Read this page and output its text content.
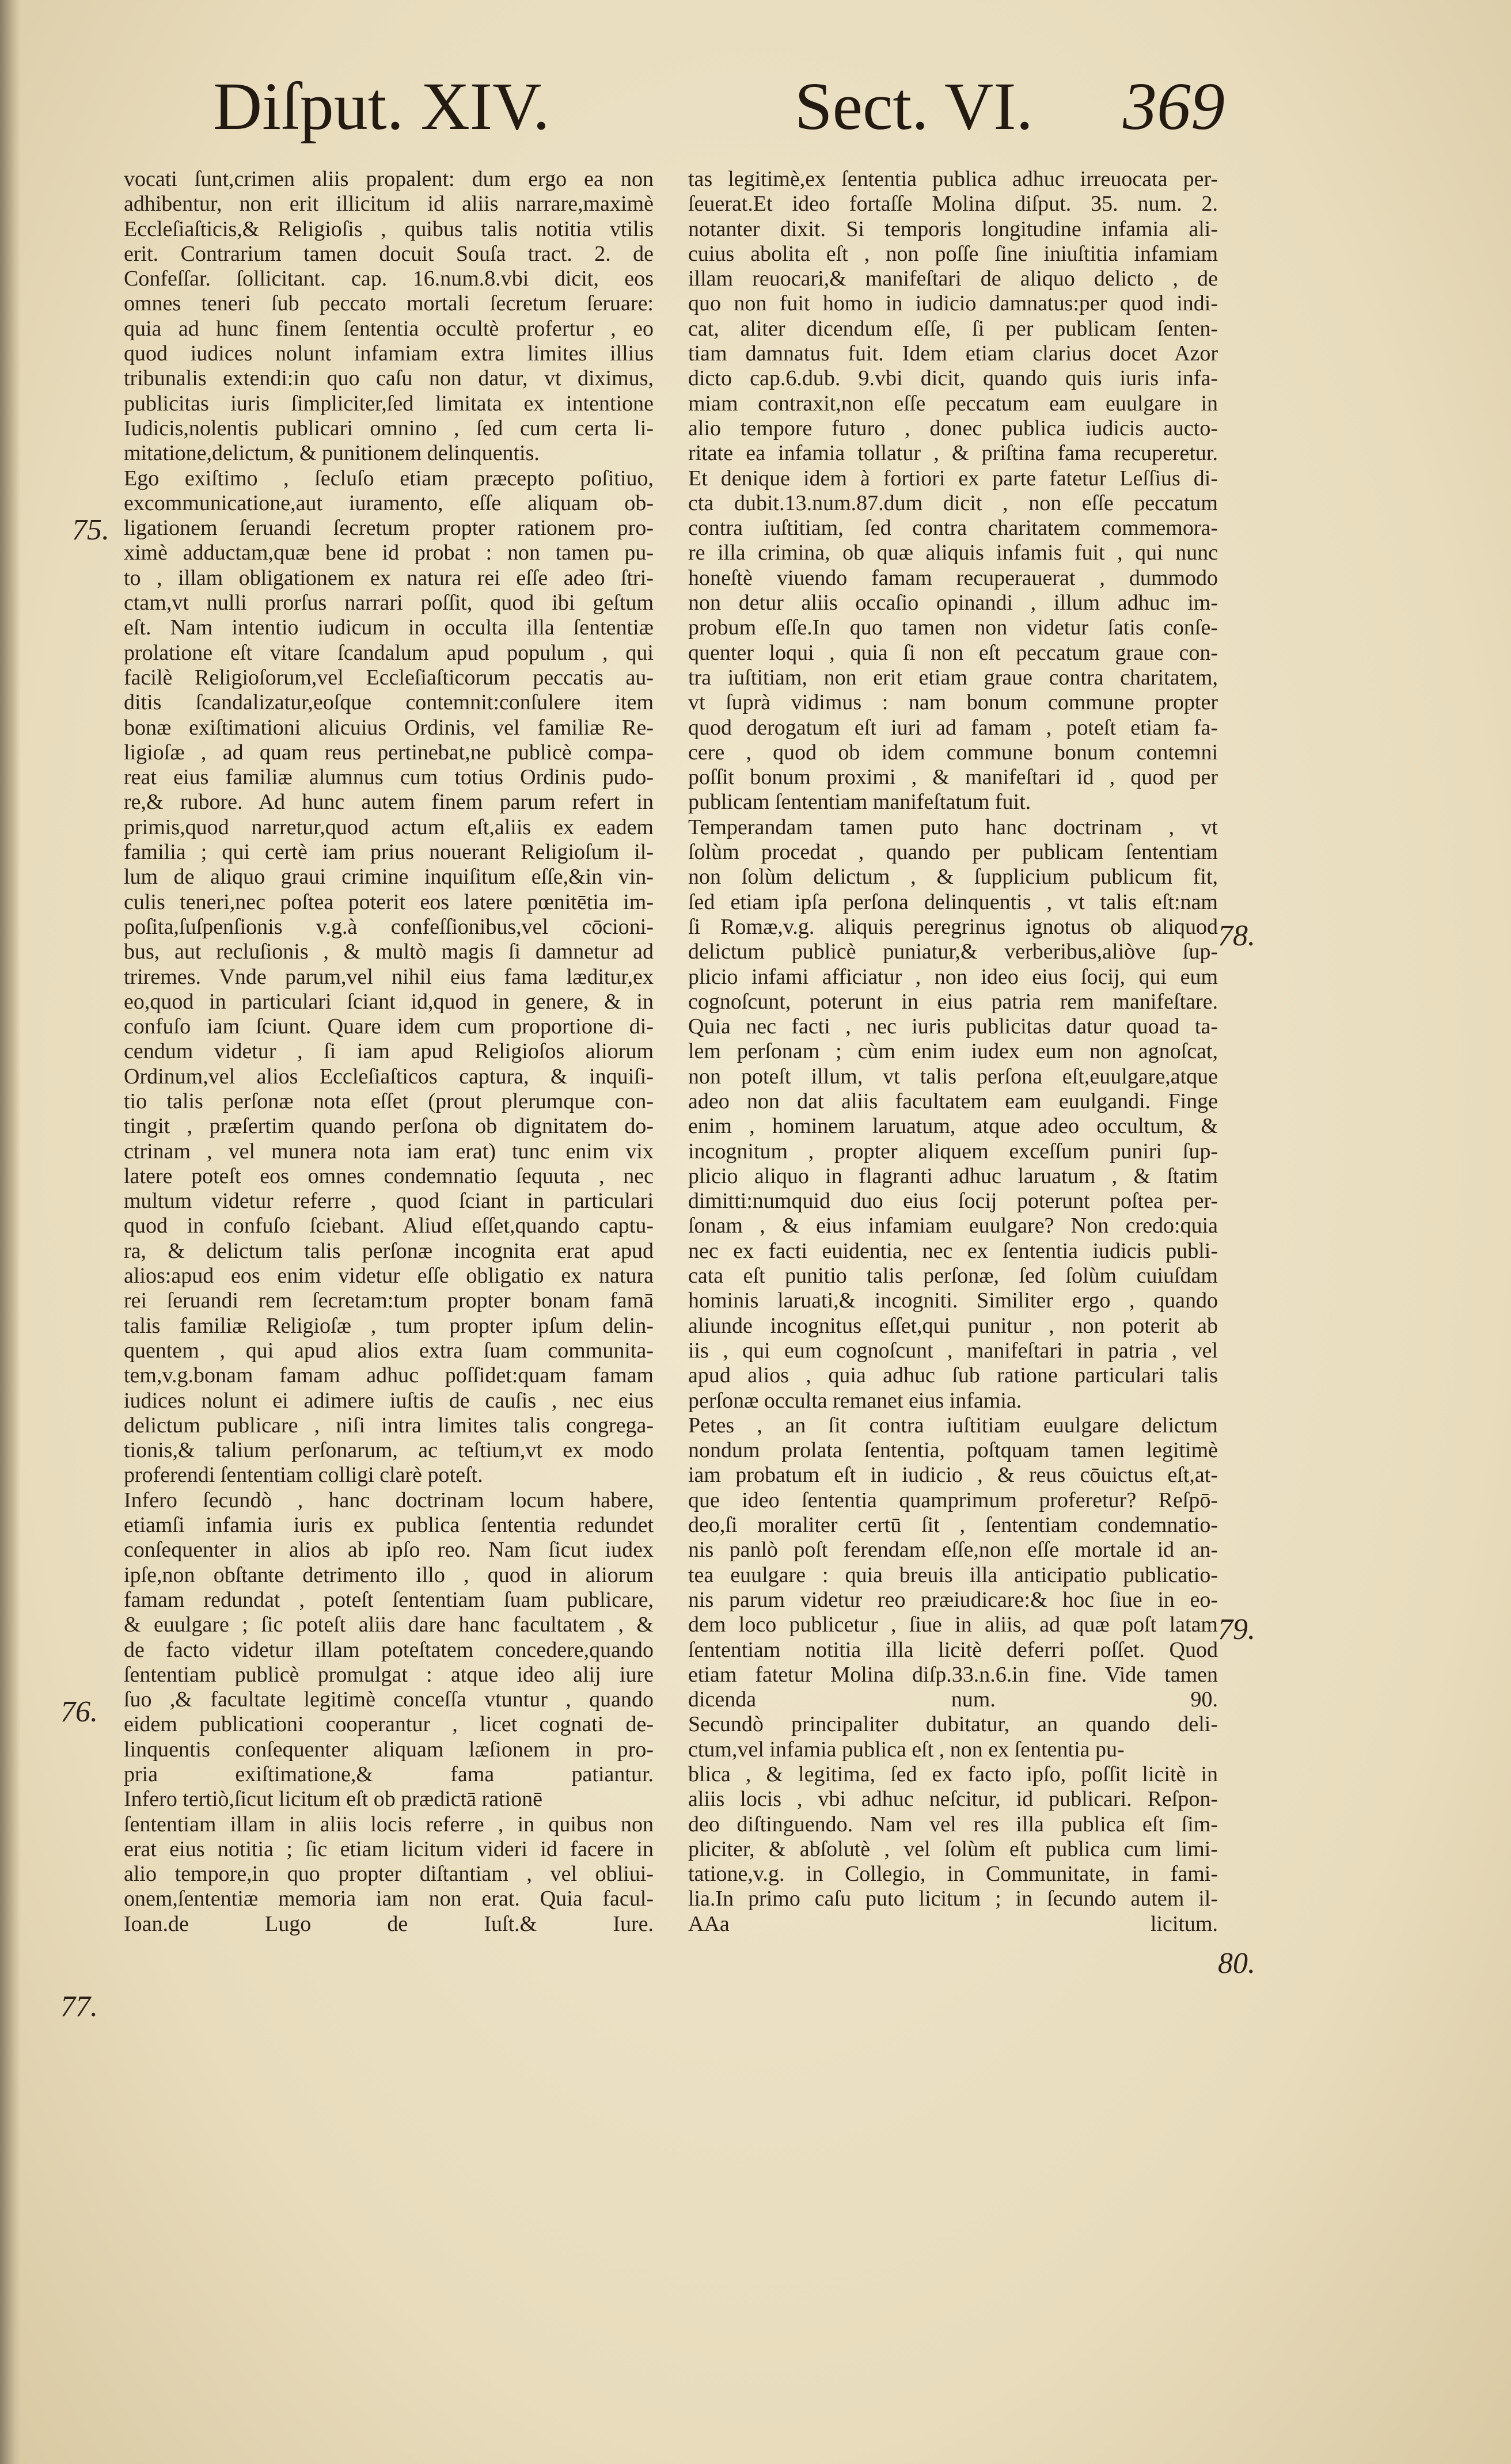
Diſput. XIV.	Sect. VI. 369
vocati ſunt,crimen aliis propalent: dum ergo ea non
adhibentur, non erit illicitum id aliis narrare,maximè
Eccleſiaſticis,& Religioſis , quibus talis notitia vtilis
erit. Contrarium tamen docuit Souſa tract. 2. de
Confeſſar. ſollicitant. cap. 16.num.8.vbi dicit, eos
omnes teneri ſub peccato mortali ſecretum ſeruare:
quia ad hunc finem ſententia occultè profertur , eo
quod iudices nolunt infamiam extra limites illius
tribunalis extendi:in quo caſu non datur, vt diximus,
publicitas iuris ſimpliciter,ſed limitata ex intentione
Iudicis,nolentis publicari omnino , ſed cum certa li-
mitatione,delictum, & punitionem delinquentis.
Ego exiſtimo , ſecluſo etiam præcepto poſitiuo,
excommunicatione,aut iuramento, eſſe aliquam ob-
ligationem ſeruandi ſecretum propter rationem pro-
ximè adductam,quæ bene id probat : non tamen pu-
to , illam obligationem ex natura rei eſſe adeo ſtri-
ctam,vt nulli prorſus narrari poſſit, quod ibi geſtum
eſt. Nam intentio iudicum in occulta illa ſententiæ
prolatione eſt vitare ſcandalum apud populum , qui
facilè Religioſorum,vel Eccleſiaſticorum peccatis au-
ditis ſcandalizatur,eoſque contemnit:conſulere item
bonæ exiſtimationi alicuius Ordinis, vel familiæ Re-
ligioſæ , ad quam reus pertinebat,ne publicè compa-
reat eius familiæ alumnus cum totius Ordinis pudo-
re,& rubore. Ad hunc autem finem parum refert in
primis,quod narretur,quod actum eſt,aliis ex eadem
familia ; qui certè iam prius nouerant Religioſum il-
lum de aliquo graui crimine inquiſitum eſſe,&in vin-
culis teneri,nec poſtea poterit eos latere pœnitētia im-
poſita,ſuſpenſionis v.g.à confeſſionibus,vel cōcioni-
bus, aut recluſionis , & multò magis ſi damnetur ad
triremes. Vnde parum,vel nihil eius fama læditur,ex
eo,quod in particulari ſciant id,quod in genere, & in
confuſo iam ſciunt. Quare idem cum proportione di-
cendum videtur , ſi iam apud Religioſos aliorum
Ordinum,vel alios Eccleſiaſticos captura, & inquiſi-
tio talis perſonæ nota eſſet (prout plerumque con-
tingit , præſertim quando perſona ob dignitatem do-
ctrinam , vel munera nota iam erat) tunc enim vix
latere poteſt eos omnes condemnatio ſequuta , nec
multum videtur referre , quod ſciant in particulari
quod in confuſo ſciebant. Aliud eſſet,quando captu-
ra, & delictum talis perſonæ incognita erat apud
alios:apud eos enim videtur eſſe obligatio ex natura
rei ſeruandi rem ſecretam:tum propter bonam famā
talis familiæ Religioſæ , tum propter ipſum delin-
quentem , qui apud alios extra ſuam communita-
tem,v.g.bonam famam adhuc poſſidet:quam famam
iudices nolunt ei adimere iuſtis de cauſis , nec eius
delictum publicare , niſi intra limites talis congrega-
tionis,& talium perſonarum, ac teſtium,vt ex modo
proferendi ſententiam colligi clarè poteſt.
Infero ſecundò , hanc doctrinam locum habere,
etiamſi infamia iuris ex publica ſententia redundet
conſequenter in alios ab ipſo reo. Nam ſicut iudex
ipſe,non obſtante detrimento illo , quod in aliorum
famam redundat , poteſt ſententiam ſuam publicare,
& euulgare ; ſic poteſt aliis dare hanc facultatem , &
de facto videtur illam poteſtatem concedere,quando
ſententiam publicè promulgat : atque ideo alij iure
ſuo ,& facultate legitimè conceſſa vtuntur , quando
eidem publicationi cooperantur , licet cognati de-
linquentis conſequenter aliquam læſionem in pro-
pria exiſtimatione,& fama patiantur.
Infero tertiò,ſicut licitum eſt ob prædictā rationē
ſententiam illam in aliis locis referre , in quibus non
erat eius notitia ; ſic etiam licitum videri id facere in
alio tempore,in quo propter diſtantiam , vel obliui-
onem,ſententiæ memoria iam non erat. Quia facul-
Ioan.de Lugo de Iuſt.& Iure.
tas legitimè,ex ſententia publica adhuc irreuocata per-
ſeuerat.Et ideo fortaſſe Molina diſput. 35. num. 2.
notanter dixit. Si temporis longitudine infamia ali-
cuius abolita eſt , non poſſe ſine iniuſtitia infamiam
illam reuocari,& manifeſtari de aliquo delicto , de
quo non fuit homo in iudicio damnatus:per quod indi-
cat, aliter dicendum eſſe, ſi per publicam ſenten-
tiam damnatus fuit. Idem etiam clarius docet Azor
dicto cap.6.dub. 9.vbi dicit, quando quis iuris infa-
miam contraxit,non eſſe peccatum eam euulgare in
alio tempore futuro , donec publica iudicis aucto-
ritate ea infamia tollatur , & priſtina fama recuperetur.
Et denique idem à fortiori ex parte fatetur Leſſius di-
cta dubit.13.num.87.dum dicit , non eſſe peccatum
contra iuſtitiam, ſed contra charitatem commemora-
re illa crimina, ob quæ aliquis infamis fuit , qui nunc
honeſtè viuendo famam recuperauerat , dummodo
non detur aliis occaſio opinandi , illum adhuc im-
probum eſſe.In quo tamen non videtur ſatis conſe-
quenter loqui , quia ſi non eſt peccatum graue con-
tra iuſtitiam, non erit etiam graue contra charitatem,
vt ſuprà vidimus : nam bonum commune propter
quod derogatum eſt iuri ad famam , poteſt etiam fa-
cere , quod ob idem commune bonum contemni
poſſit bonum proximi , & manifeſtari id , quod per
publicam ſententiam manifeſtatum fuit.
Temperandam tamen puto hanc doctrinam , vt
ſolùm procedat , quando per publicam ſententiam
non ſolùm delictum , & ſupplicium publicum fit,
ſed etiam ipſa perſona delinquentis , vt talis eſt:nam
ſi Romæ,v.g. aliquis peregrinus ignotus ob aliquod
delictum publicè puniatur,& verberibus,aliòve ſup-
plicio infami afficiatur , non ideo eius ſocij, qui eum
cognoſcunt, poterunt in eius patria rem manifeſtare.
Quia nec facti , nec iuris publicitas datur quoad ta-
lem perſonam ; cùm enim iudex eum non agnoſcat,
non poteſt illum, vt talis perſona eſt,euulgare,atque
adeo non dat aliis facultatem eam euulgandi. Finge
enim , hominem laruatum, atque adeo occultum, &
incognitum , propter aliquem exceſſum puniri ſup-
plicio aliquo in flagranti adhuc laruatum , & ſtatim
dimitti:numquid duo eius ſocij poterunt poſtea per-
ſonam , & eius infamiam euulgare? Non credo:quia
nec ex facti euidentia, nec ex ſententia iudicis publi-
cata eſt punitio talis perſonæ, ſed ſolùm cuiuſdam
hominis laruati,& incogniti. Similiter ergo , quando
aliunde incognitus eſſet,qui punitur , non poterit ab
iis , qui eum cognoſcunt , manifeſtari in patria , vel
apud alios , quia adhuc ſub ratione particulari talis
perſonæ occulta remanet eius infamia.
Petes , an ſit contra iuſtitiam euulgare delictum
nondum prolata ſententia, poſtquam tamen legitimè
iam probatum eſt in iudicio , & reus cōuictus eſt,at-
que ideo ſententia quamprimum proferetur? Reſpō-
deo,ſi moraliter certū ſit , ſententiam condemnatio-
nis panlò poſt ferendam eſſe,non eſſe mortale id an-
tea euulgare : quia breuis illa anticipatio publicatio-
nis parum videtur reo præiudicare:& hoc ſiue in eo-
dem loco publicetur , ſiue in aliis, ad quæ poſt latam
ſententiam notitia illa licitè deferri poſſet. Quod
etiam fatetur Molina diſp.33.n.6.in fine. Vide tamen
dicenda num. 90.
Secundò principaliter dubitatur, an quando deli-
ctum,vel infamia publica eſt , non ex ſententia pu-
blica , & legitima, ſed ex facto ipſo, poſſit licitè in
aliis locis , vbi adhuc neſcitur, id publicari. Reſpon-
deo diſtinguendo. Nam vel res illa publica eſt ſim-
pliciter, & abſolutè , vel ſolùm eſt publica cum limi-
tatione,v.g. in Collegio, in Communitate, in fami-
lia.In primo caſu puto licitum ; in ſecundo autem il-
AAa licitum.
75.
76.
77.
78.
79.
80.
